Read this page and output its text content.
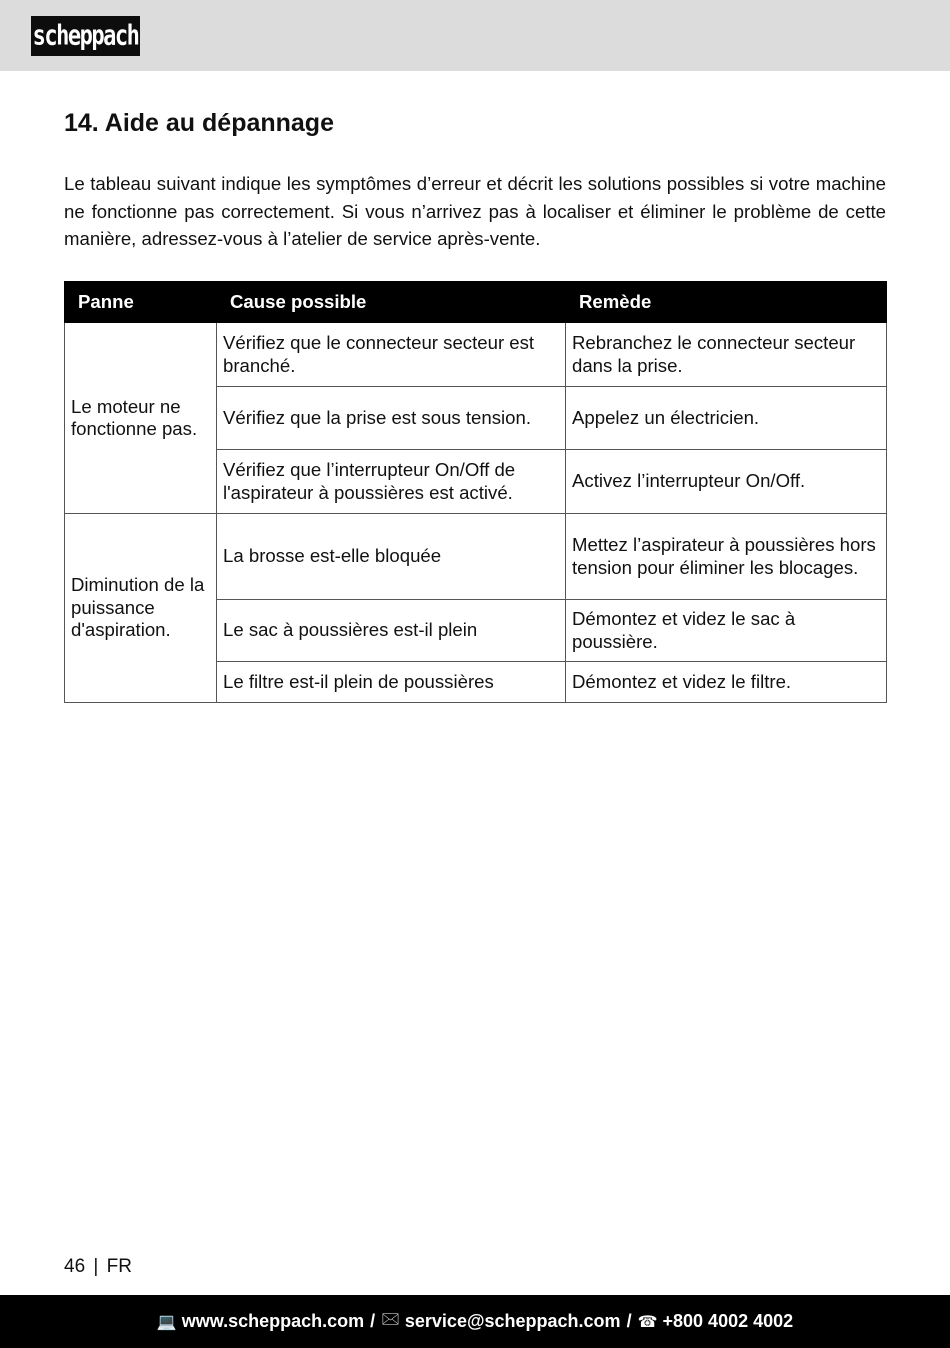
scheppach
14. Aide au dépannage

Le tableau suivant indique les symptômes d’erreur et décrit les solutions possibles si votre machine ne fonctionne pas correctement. Si vous n’arrivez pas à localiser et éliminer le problème de cette manière, adressez-vous à l’atelier de service après-vente.

Panne	Cause possible	Remède
Le moteur ne fonctionne pas.	Vérifiez que le connecteur secteur est branché.	Rebranchez le connecteur secteur dans la prise.
	Vérifiez que la prise est sous tension.	Appelez un électricien.
	Vérifiez que l’interrupteur On/Off de l'aspirateur à poussières est activé.	Activez l’interrupteur On/Off.
Diminution de la puissance d'aspiration.	La brosse est-elle bloquée	Mettez l’aspirateur à poussières hors tension pour éliminer les blocages.
	Le sac à poussières est-il plein	Démontez et videz le sac à poussière.
	Le filtre est-il plein de poussières	Démontez et videz le filtre.
46 | FR
💻 www.scheppach.com / 🖂 service@scheppach.com / ☎ +800 4002 4002
